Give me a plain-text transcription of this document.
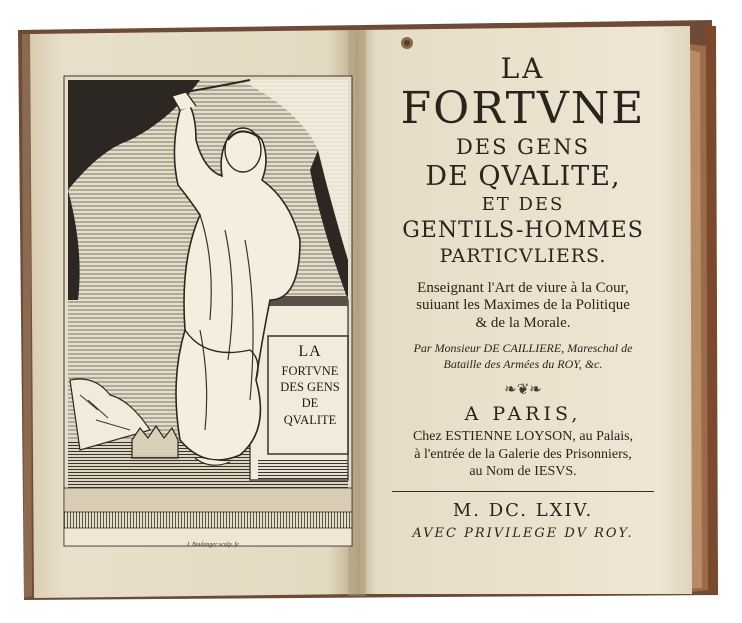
LA
FORTVNE
DES GENS
DE
QVALITE
I. Boulanger sculp. fe
LA
FORTVNE
DES GENS
DE QVALITE,
ET DES
GENTILS-HOMMES
PARTICVLIERS.
Enseignant l'Art de viure à la Cour,
suiuant les Maximes de la Politique
& de la Morale.
Par Monsieur DE CAILLIERE, Mareschal de
Bataille des Armées du ROY, &c.
❧❦❧
A PARIS,
Chez ESTIENNE LOYSON, au Palais,
à l'entrée de la Galerie des Prisonniers,
au Nom de IESVS.
M. DC. LXIV.
AVEC PRIVILEGE DV ROY.
